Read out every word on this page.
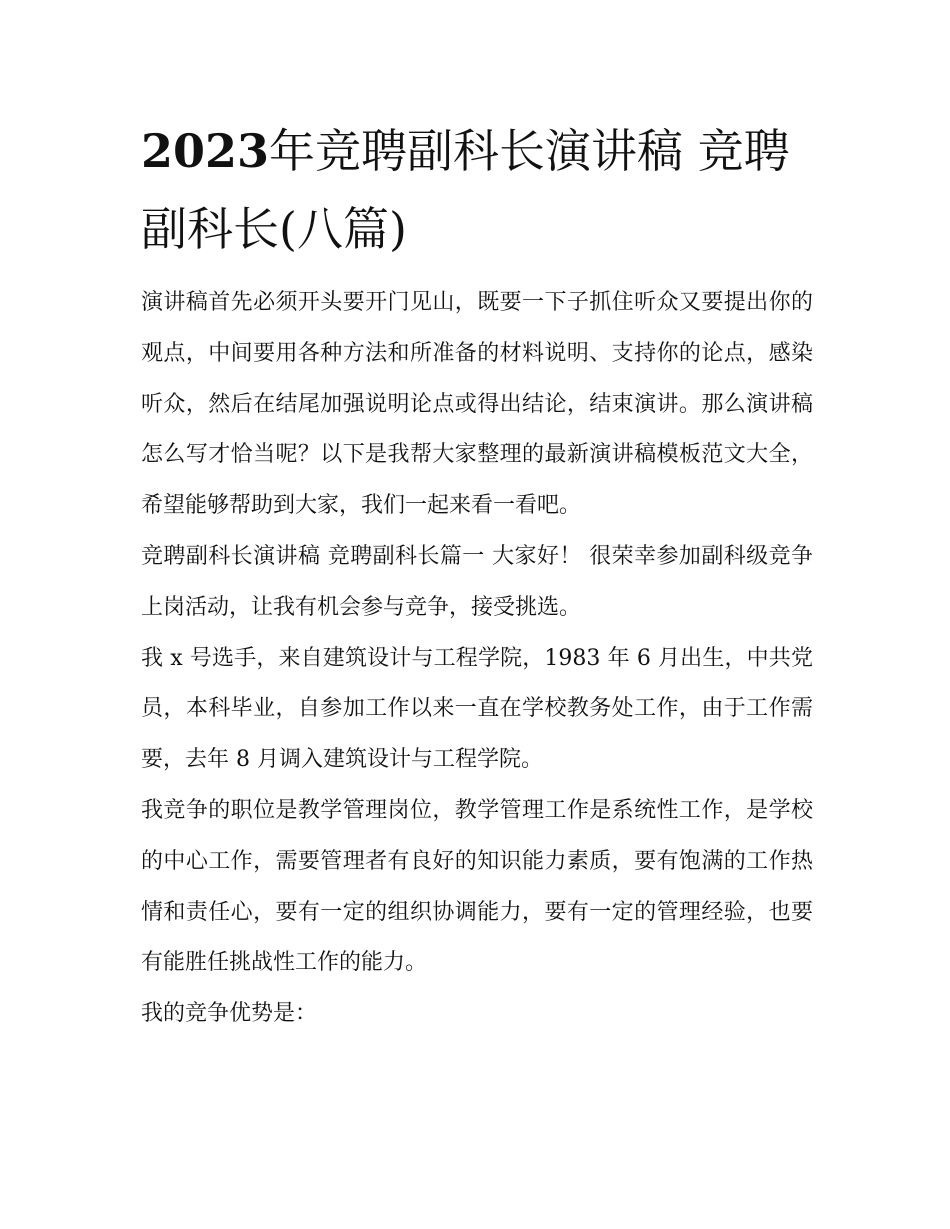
2023年竞聘副科长演讲稿 竞聘副科长(八篇)

演讲稿首先必须开头要开门见山，既要一下子抓住听众又要提出你的观点，中间要用各种方法和所准备的材料说明、支持你的论点，感染听众，然后在结尾加强说明论点或得出结论，结束演讲。那么演讲稿怎么写才恰当呢？以下是我帮大家整理的最新演讲稿模板范文大全，希望能够帮助到大家，我们一起来看一看吧。

竞聘副科长演讲稿 竞聘副科长篇一 大家好！ 很荣幸参加副科级竞争上岗活动，让我有机会参与竞争，接受挑选。

我 x 号选手，来自建筑设计与工程学院，1983 年 6 月出生，中共党员，本科毕业，自参加工作以来一直在学校教务处工作，由于工作需要，去年 8 月调入建筑设计与工程学院。

我竞争的职位是教学管理岗位，教学管理工作是系统性工作，是学校的中心工作，需要管理者有良好的知识能力素质，要有饱满的工作热情和责任心，要有一定的组织协调能力，要有一定的管理经验，也要有能胜任挑战性工作的能力。

我的竞争优势是：
